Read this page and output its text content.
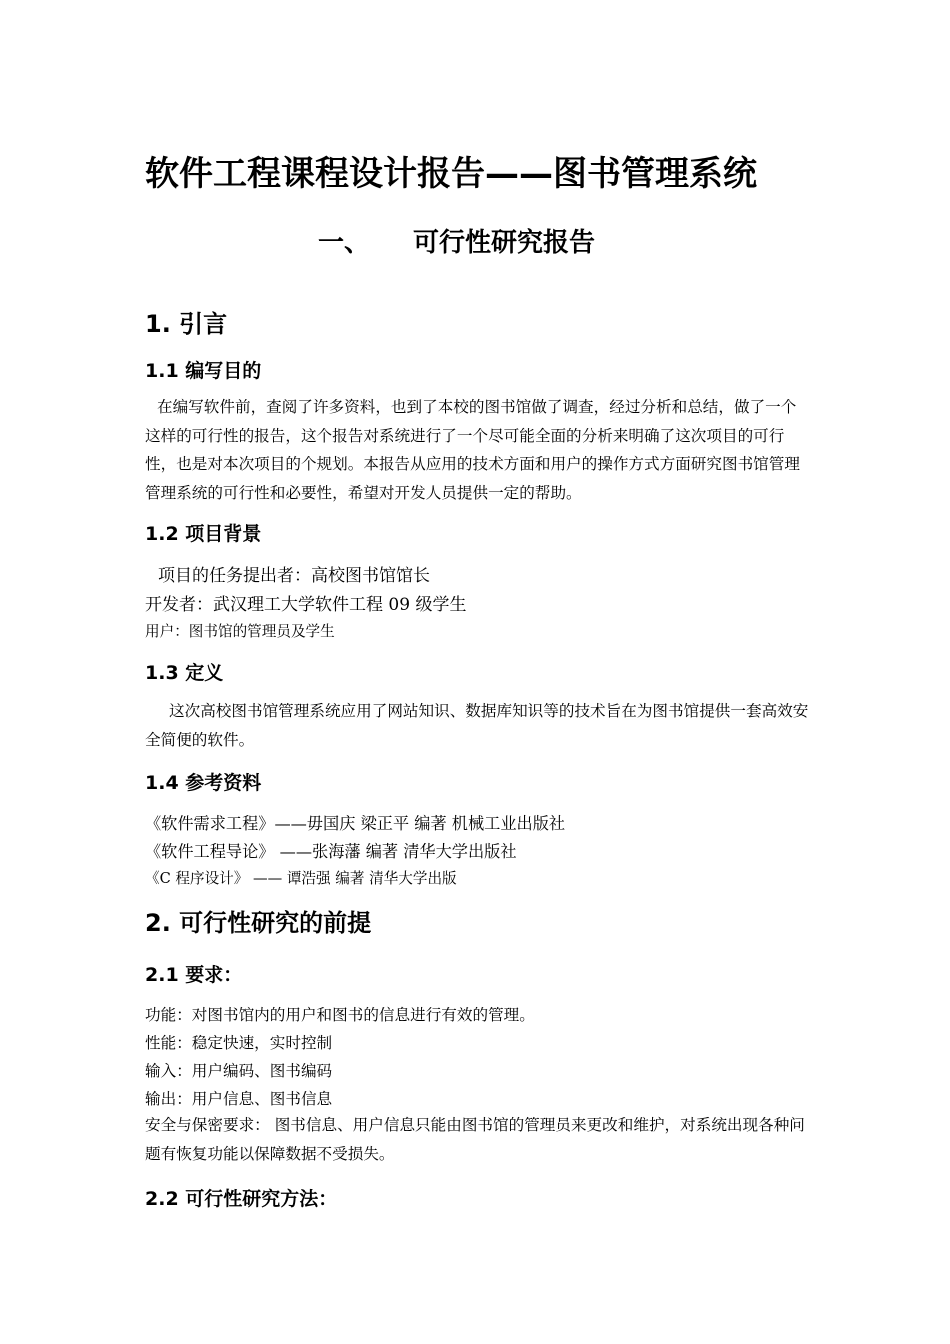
软件工程课程设计报告——图书管理系统
一、 可行性研究报告
1. 引言
1.1 编写目的
在编写软件前，查阅了许多资料，也到了本校的图书馆做了调查，经过分析和总结，做了一个这样的可行性的报告，这个报告对系统进行了一个尽可能全面的分析来明确了这次项目的可行性，也是对本次项目的个规划。本报告从应用的技术方面和用户的操作方式方面研究图书馆管理管理系统的可行性和必要性，希望对开发人员提供一定的帮助。
1.2 项目背景
项目的任务提出者：高校图书馆馆长
开发者：武汉理工大学软件工程 09 级学生
用户：图书馆的管理员及学生
1.3 定义
这次高校图书馆管理系统应用了网站知识、数据库知识等的技术旨在为图书馆提供一套高效安全简便的软件。
1.4 参考资料
《软件需求工程》——毋国庆 梁正平 编著 机械工业出版社
《软件工程导论》 ——张海藩 编著 清华大学出版社
《C 程序设计》 —— 谭浩强 编著 清华大学出版
2. 可行性研究的前提
2.1 要求：
功能：对图书馆内的用户和图书的信息进行有效的管理。
性能：稳定快速，实时控制
输入：用户编码、图书编码
输出：用户信息、图书信息
安全与保密要求： 图书信息、用户信息只能由图书馆的管理员来更改和维护，对系统出现各种问题有恢复功能以保障数据不受损失。
2.2 可行性研究方法：
